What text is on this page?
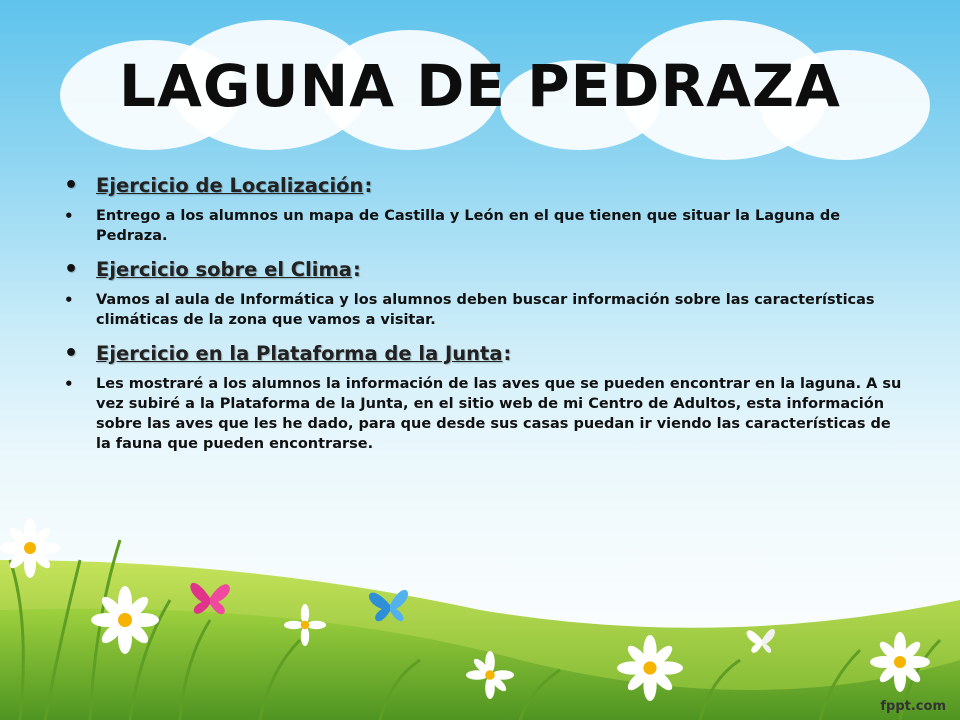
LAGUNA DE PEDRAZA
• Ejercicio de Localización:
• Entrego a los alumnos un mapa de Castilla y León en el que tienen que situar la Laguna de Pedraza.
• Ejercicio sobre el Clima:
• Vamos al aula de Informática y los alumnos deben buscar información sobre las características climáticas de la zona que vamos a visitar.
• Ejercicio en la Plataforma de la Junta:
• Les mostraré a los alumnos la información de las aves que se pueden encontrar en la laguna. A su vez subiré a la Plataforma de la Junta, en el sitio web de mi Centro de Adultos, esta información sobre las aves que les he dado, para que desde sus casas puedan ir viendo las características de la fauna que pueden encontrarse.
fppt.com
